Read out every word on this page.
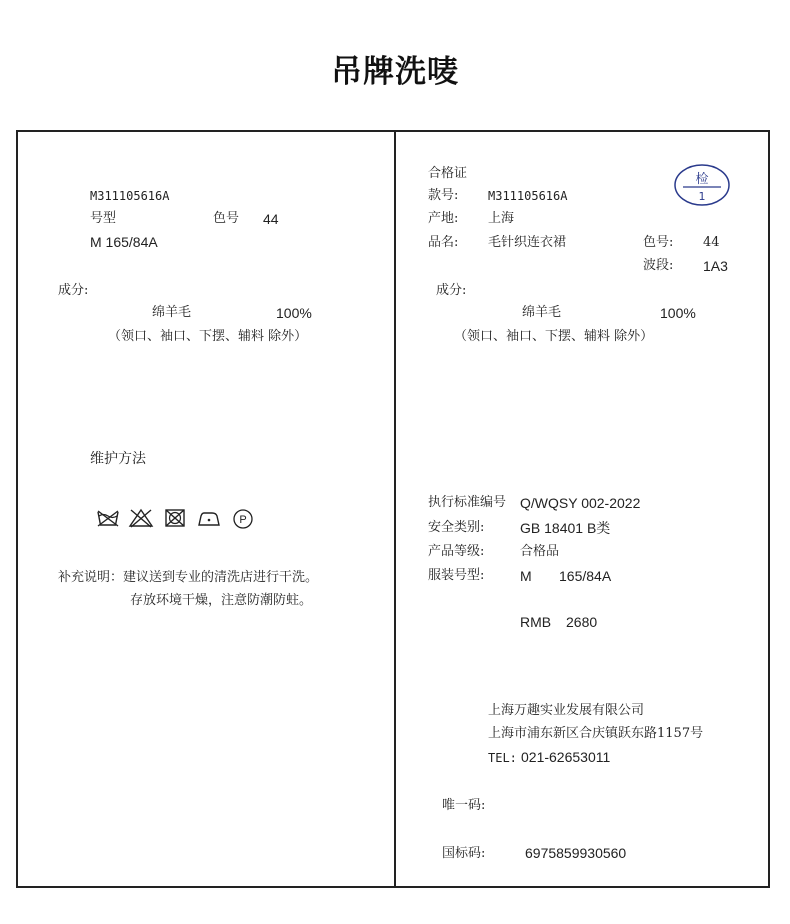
吊牌洗唛
M311105616A
号型	色号 44
M 165/84A
成分:
绵羊毛	100%
（领口、袖口、下摆、辅料 除外）
维护方法
P
补充说明：建议送到专业的清洗店进行干洗。
存放环境干燥，注意防潮防蛀。
合格证	检
1
款号: M311105616A
产地: 上海
品名: 毛针织连衣裙	色号: 44
波段: 1A3
成分:
绵羊毛	100%
（领口、袖口、下摆、辅料 除外）
执行标准编号 Q/WQSY 002-2022
安全类别:	GB 18401 B类
产品等级:	合格品
服装号型:	M 165/84A
RMB 2680
上海万趣实业发展有限公司
上海市浦东新区合庆镇跃东路1157号
TEL: 021-62653011
唯一码:
国标码:	6975859930560
